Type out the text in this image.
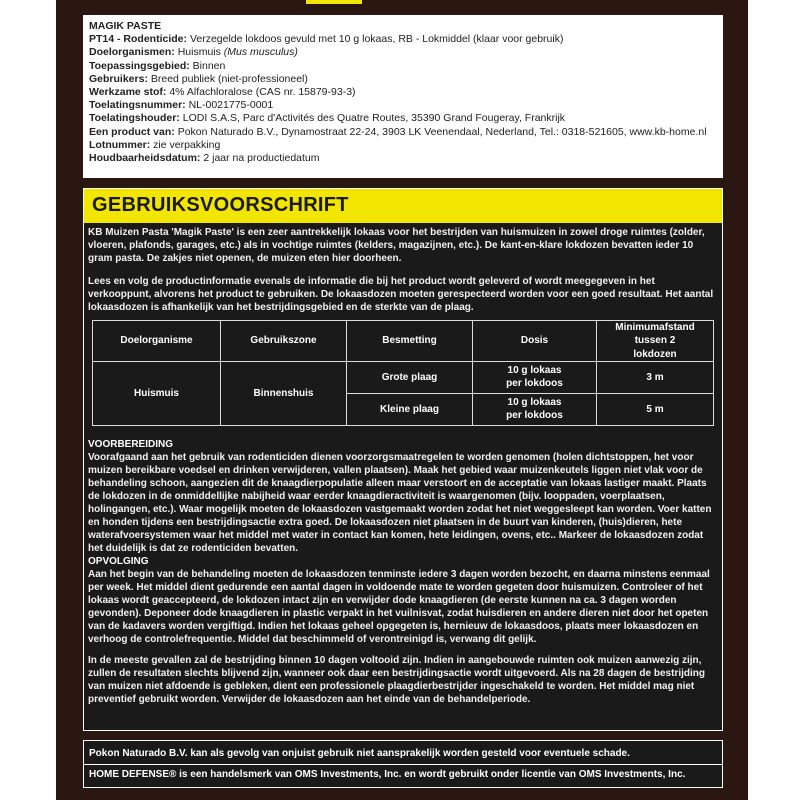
MAGIK PASTE
PT14 - Rodenticide: Verzegelde lokdoos gevuld met 10 g lokaas, RB - Lokmiddel (klaar voor gebruik)
Doelorganismen: Huismuis (Mus musculus)
Toepassingsgebied: Binnen
Gebruikers: Breed publiek (niet-professioneel)
Werkzame stof: 4% Alfachloralose (CAS nr. 15879-93-3)
Toelatingsnummer: NL-0021775-0001
Toelatingshouder: LODI S.A.S, Parc d'Activités des Quatre Routes, 35390 Grand Fougeray, Frankrijk
Een product van: Pokon Naturado B.V., Dynamostraat 22-24, 3903 LK Veenendaal, Nederland, Tel.: 0318-521605, www.kb-home.nl
Lotnummer: zie verpakking
Houdbaarheidsdatum: 2 jaar na productiedatum
GEBRUIKSVOORSCHRIFT

KB Muizen Pasta 'Magik Paste' is een zeer aantrekkelijk lokaas voor het bestrijden van huismuizen in zowel droge ruimtes (zolder, vloeren, plafonds, garages, etc.) als in vochtige ruimtes (kelders, magazijnen, etc.). De kant-en-klare lokdozen bevatten ieder 10 gram pasta. De zakjes niet openen, de muizen eten hier doorheen.

Lees en volg de productinformatie evenals de informatie die bij het product wordt geleverd of wordt meegegeven in het verkooppunt, alvorens het product te gebruiken. De lokaasdozen moeten gerespecteerd worden voor een goed resultaat. Het aantal lokaasdozen is afhankelijk van het bestrijdingsgebied en de sterkte van de plaag.

Doelorganisme	Gebruikszone	Besmetting	Dosis	Minimumafstand tussen 2 lokdozen
Huismuis	Binnenshuis	Grote plaag	10 g lokaas per lokdoos	3 m
		Kleine plaag	10 g lokaas per lokdoos	5 m
VOORBEREIDING
Voorafgaand aan het gebruik van rodenticiden dienen voorzorgsmaatregelen te worden genomen (holen dichtstoppen, het voor muizen bereikbare voedsel en drinken verwijderen, vallen plaatsen). Maak het gebied waar muizenkeutels liggen niet vlak voor de behandeling schoon, aangezien dit de knaagdierpopulatie alleen maar verstoort en de acceptatie van lokaas lastiger maakt. Plaats de lokdozen in de onmiddellijke nabijheid waar eerder knaagdieractiviteit is waargenomen (bijv. looppaden, voerplaatsen, holingangen, etc.). Waar mogelijk moeten de lokaasdozen vastgemaakt worden zodat het niet weggesleept kan worden. Voer katten en honden tijdens een bestrijdingsactie extra goed. De lokaasdozen niet plaatsen in de buurt van kinderen, (huis)dieren, hete waterafvoersystemen waar het middel met water in contact kan komen, hete leidingen, ovens, etc.. Markeer de lokaasdozen zodat het duidelijk is dat ze rodenticiden bevatten.
OPVOLGING
Aan het begin van de behandeling moeten de lokaasdozen tenminste iedere 3 dagen worden bezocht, en daarna minstens eenmaal per week. Het middel dient gedurende een aantal dagen in voldoende mate te worden gegeten door huismuizen. Controleer of het lokaas wordt geaccepteerd, de lokdozen intact zijn en verwijder dode knaagdieren (de eerste kunnen na ca. 3 dagen worden gevonden). Deponeer dode knaagdieren in plastic verpakt in het vuilnisvat, zodat huisdieren en andere dieren niet door het opeten van de kadavers worden vergiftigd. Indien het lokaas geheel opgegeten is, hernieuw de lokaasdoos, plaats meer lokaasdozen en verhoog de controlefrequentie. Middel dat beschimmeld of verontreinigd is, verwang dit gelijk.
In de meeste gevallen zal de bestrijding binnen 10 dagen voltooid zijn. Indien in aangebouwde ruimten ook muizen aanwezig zijn, zullen de resultaten slechts blijvend zijn, wanneer ook daar een bestrijdingsactie wordt uitgevoerd. Als na 28 dagen de bestrijding van muizen niet afdoende is gebleken, dient een professionele plaagdierbestrijder ingeschakeld te worden. Het middel mag niet preventief gebruikt worden. Verwijder de lokaasdozen aan het einde van de behandelperiode.
Pokon Naturado B.V. kan als gevolg van onjuist gebruik niet aansprakelijk worden gesteld voor eventuele schade.
HOME DEFENSE® is een handelsmerk van OMS Investments, Inc. en wordt gebruikt onder licentie van OMS Investments, Inc.
